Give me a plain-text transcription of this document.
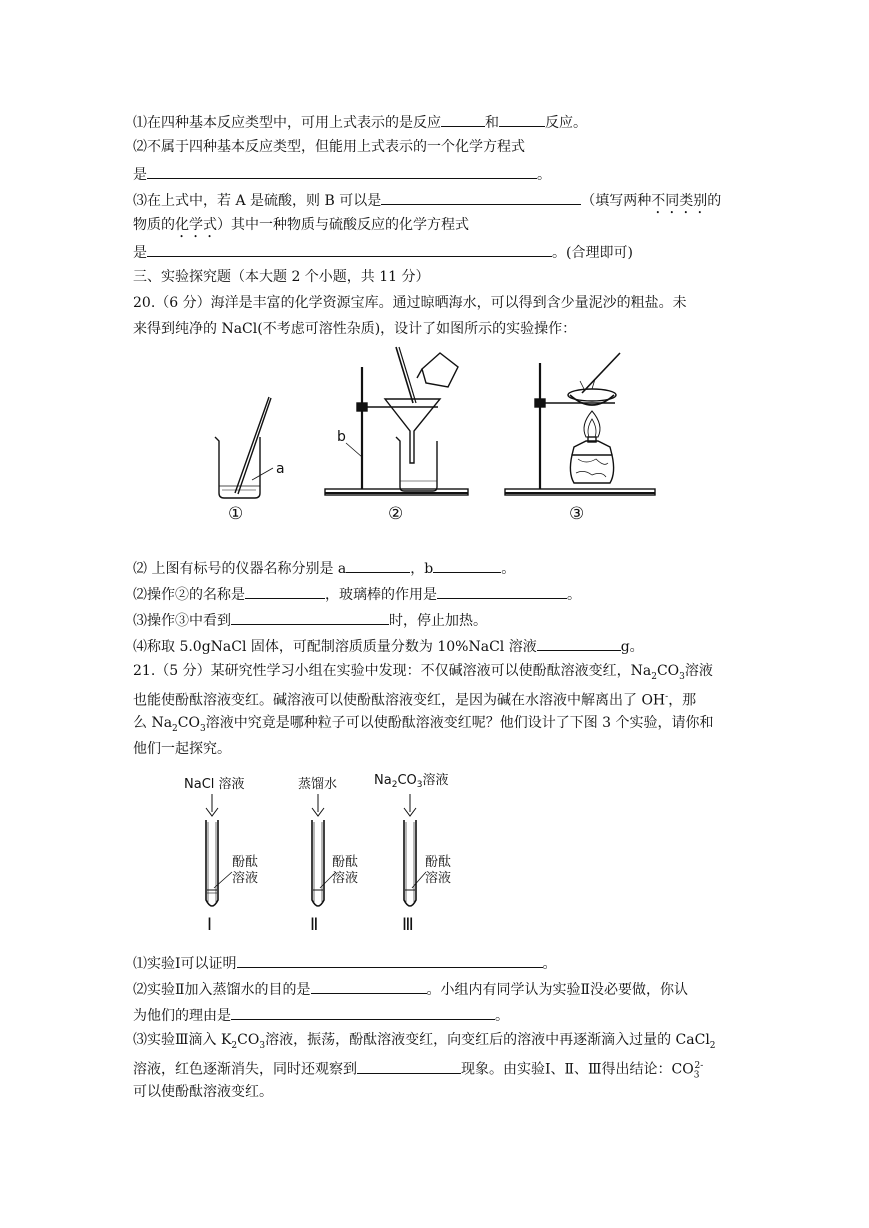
⑴在四种基本反应类型中，可用上式表示的是反应	和	反应。
⑵不属于四种基本反应类型，但能用上式表示的一个化学方程式
是	。
⑶在上式中，若 A 是硫酸，则 B 可以是	（填写两种不同类别的
物质的化学式）其中一种物质与硫酸反应的化学方程式
是	。(合理即可)
三、实验探究题（本大题 2 个小题，共 11 分）
20.（6 分）海洋是丰富的化学资源宝库。通过晾晒海水，可以得到含少量泥沙的粗盐。未
来得到纯净的 NaCl(不考虑可溶性杂质)，设计了如图所示的实验操作：
a
b
①	②	③
⑵ 上图有标号的仪器名称分别是 a	，b	。
⑵操作②的名称是	，玻璃棒的作用是	。
⑶操作③中看到	时，停止加热。
⑷称取 5.0gNaCl 固体，可配制溶质质量分数为 10%NaCl 溶液	g。
21.（5 分）某研究性学习小组在实验中发现：不仅碱溶液可以使酚酞溶液变红，$Na_2CO_3$溶液
也能使酚酞溶液变红。碱溶液可以使酚酞溶液变红，是因为碱在水溶液中解离出了 OH-，那
么 $Na_2CO_3$溶液中究竟是哪种粒子可以使酚酞溶液变红呢？他们设计了下图 3 个实验，请你和
他们一起探究。
NaCl 溶液	蒸馏水	$Na_2CO_3$溶液
酚酞
溶液
酚酞
溶液
酚酞
溶液
Ⅰ	Ⅱ	Ⅲ
⑴实验Ⅰ可以证明	。
⑵实验Ⅱ加入蒸馏水的目的是	。小组内有同学认为实验Ⅱ没必要做，你认
为他们的理由是	。
⑶实验Ⅲ滴入 $K_2CO_3$溶液，振荡，酚酞溶液变红，向变红后的溶液中再逐渐滴入过量的 CaCl$_2$
溶液，红色逐渐消失，同时还观察到	现象。由实验Ⅰ、Ⅱ、Ⅲ得出结论：$CO_3^{2-}$
可以使酚酞溶液变红。
